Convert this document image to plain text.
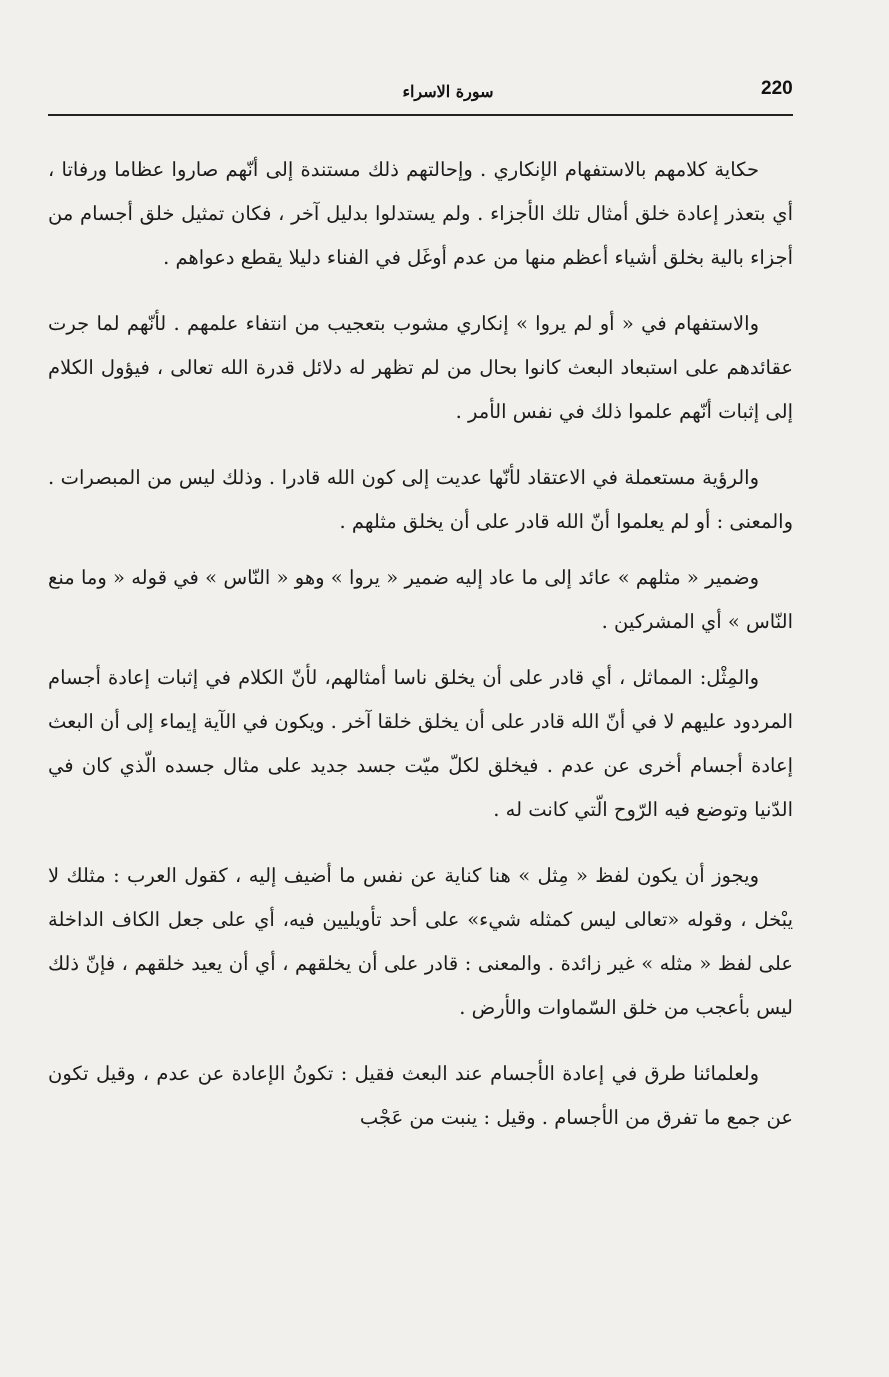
220
سورة الاسراء

حكاية كلامهم بالاستفهام الإنكاري . وإحالتهم ذلك مستندة إلى أنّهم صاروا عظاما ورفاتا ، أي بتعذر إعادة خلق أمثال تلك الأجزاء . ولم يستدلوا بدليل آخر ، فكان تمثيل خلق أجسام من أجزاء بالية بخلق أشياء أعظم منها من عدم أوغَل في الفناء دليلا يقطع دعواهم .

والاستفهام في « أو لم يروا » إنكاري مشوب بتعجيب من انتفاء علمهم . لأنّهم لما جرت عقائدهم على استبعاد البعث كانوا بحال من لم تظهر له دلائل قدرة الله تعالى ، فيؤول الكلام إلى إثبات أنّهم علموا ذلك في نفس الأمر .

والرؤية مستعملة في الاعتقاد لأنّها عديت إلى كون الله قادرا . وذلك ليس من المبصرات . والمعنى : أو لم يعلموا أنّ الله قادر على أن يخلق مثلهم .

وضمير « مثلهم » عائد إلى ما عاد إليه ضمير « يروا » وهو « النّاس » في قوله « وما منع النّاس » أي المشركين .

والمِثْل: المماثل ، أي قادر على أن يخلق ناسا أمثالهم، لأنّ الكلام في إثبات إعادة أجسام المردود عليهم لا في أنّ الله قادر على أن يخلق خلقا آخر . ويكون في الآية إيماء إلى أن البعث إعادة أجسام أخرى عن عدم . فيخلق لكلّ ميّت جسد جديد على مثال جسده الّذي كان في الدّنيا وتوضع فيه الرّوح الّتي كانت له .

ويجوز أن يكون لفظ « مِثل » هنا كناية عن نفس ما أضيف إليه ، كقول العرب : مثلك لا يبْخل ، وقوله «تعالى ليس كمثله شيء» على أحد تأويليين فيه، أي على جعل الكاف الداخلة على لفظ « مثله » غير زائدة . والمعنى : قادر على أن يخلقهم ، أي أن يعيد خلقهم ، فإنّ ذلك ليس بأعجب من خلق السّماوات والأرض .

ولعلمائنا طرق في إعادة الأجسام عند البعث فقيل : تكونُ الإعادة عن عدم ، وقيل تكون عن جمع ما تفرق من الأجسام . وقيل : ينبت من عَجْب
